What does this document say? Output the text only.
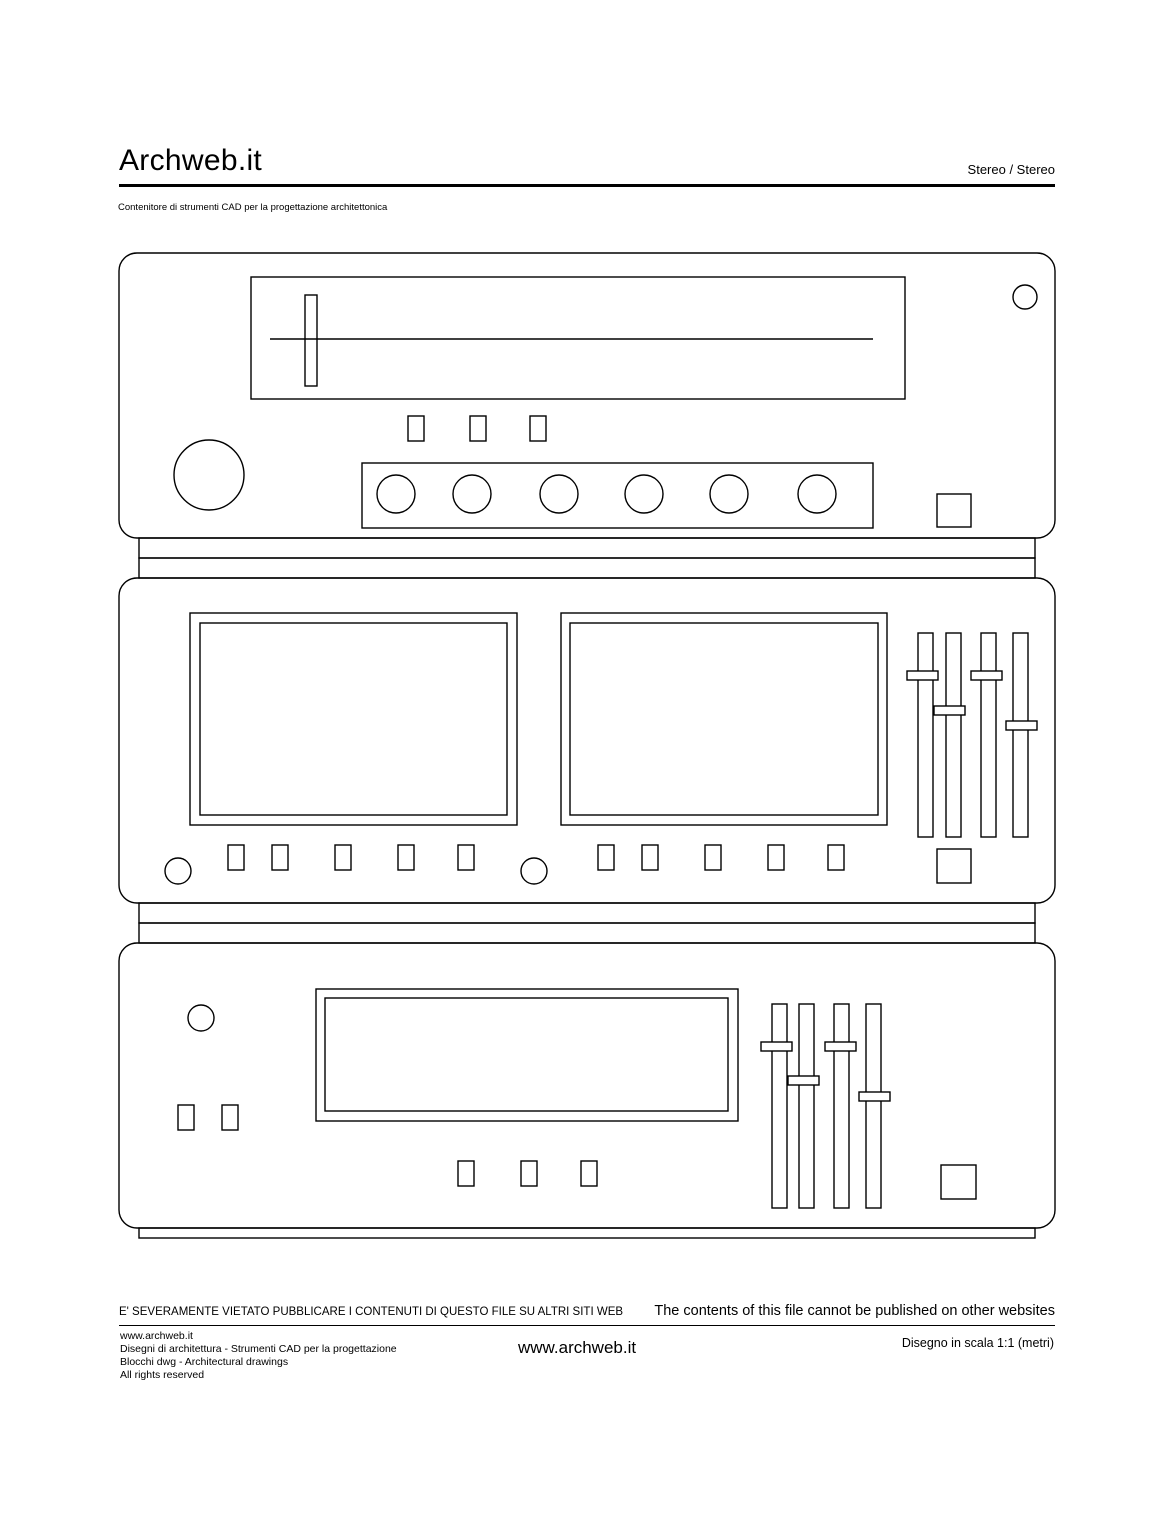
Archweb.it	Stereo / Stereo
Contenitore di strumenti CAD per la progettazione architettonica
E' SEVERAMENTE VIETATO PUBBLICARE I CONTENUTI DI QUESTO FILE SU ALTRI SITI WEB The contents of this file cannot be published on other websites
www.archweb.it
Disegni di architettura - Strumenti CAD per la progettazione
Blocchi dwg - Architectural drawings
All rights reserved
www.archweb.it	Disegno in scala 1:1 (metri)
